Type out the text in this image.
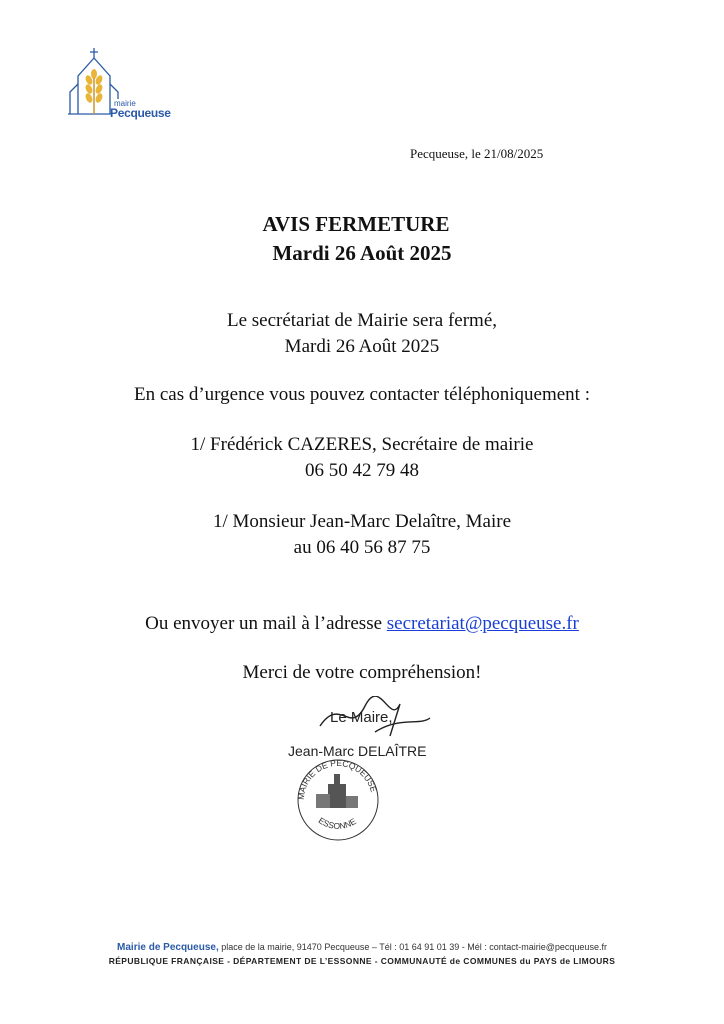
mairie
Pecqueuse
Pecqueuse, le 21/08/2025
AVIS FERMETURE
Mardi 26 Août 2025
Le secrétariat de Mairie sera fermé,
Mardi 26 Août 2025
En cas d’urgence vous pouvez contacter téléphoniquement :
1/ Frédérick CAZERES, Secrétaire de mairie
06 50 42 79 48
1/ Monsieur Jean-Marc Delaître, Maire
au 06 40 56 87 75
Ou envoyer un mail à l’adresse secretariat@pecqueuse.fr
Merci de votre compréhension!
Le Maire,
Jean-Marc DELAÎTRE
MAIRIE DE PECQUEUSE
ESSONNE
Mairie de Pecqueuse, place de la mairie, 91470 Pecqueuse – Tél : 01 64 91 01 39 - Mél : contact-mairie@pecqueuse.fr
RÉPUBLIQUE FRANÇAISE - DÉPARTEMENT DE L’ESSONNE - COMMUNAUTÉ de COMMUNES du PAYS de LIMOURS
